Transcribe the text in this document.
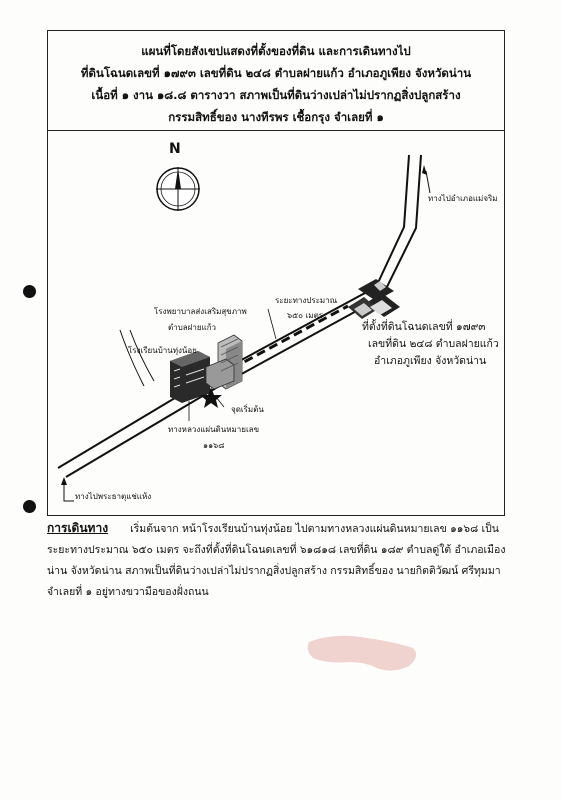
แผนที่โดยสังเขปแสดงที่ตั้งของที่ดิน และการเดินทางไป
ที่ดินโฉนดเลขที่ ๑๗๙๓ เลขที่ดิน ๒๔๘ ตำบลฝายแก้ว อำเภอภูเพียง จังหวัดน่าน
เนื้อที่ ๑ งาน ๑๘.๘ ตารางวา สภาพเป็นที่ดินว่างเปล่าไม่ปรากฏสิ่งปลูกสร้าง
กรรมสิทธิ์ของ นางทีรพร เชื้อกรุง จำเลยที่ ๑
N
ทางไปอำเภอแม่จริม
ระยะทางประมาณ
๖๕๐ เมตร
โรงพยาบาลส่งเสริมสุขภาพ
ตำบลฝายแก้ว
โรงเรียนบ้านทุ่งน้อย
จุดเริ่มต้น
ทางหลวงแผ่นดินหมายเลข
๑๑๖๘
ทางไปพระธาตุแช่แห้ง
ที่ตั้งที่ดินโฉนดเลขที่ ๑๗๙๓
เลขที่ดิน ๒๔๘ ตำบลฝายแก้ว
อำเภอภูเพียง จังหวัดน่าน
การเดินทาง เริ่มต้นจาก หน้าโรงเรียนบ้านทุ่งน้อย ไปตามทางหลวงแผ่นดินหมายเลข ๑๑๖๘ เป็นระยะทางประมาณ ๖๕๐ เมตร จะถึงที่ตั้งที่ดินโฉนดเลขที่ ๖๑๘๑๘ เลขที่ดิน ๑๘๙ ตำบลดู่ใต้ อำเภอเมืองน่าน จังหวัดน่าน สภาพเป็นที่ดินว่างเปล่าไม่ปรากฏสิ่งปลูกสร้าง กรรมสิทธิ์ของ นายกิตติวัฒน์ ศรีทุมมา จำเลยที่ ๑ อยู่ทางขวามือของฝั่งถนน
